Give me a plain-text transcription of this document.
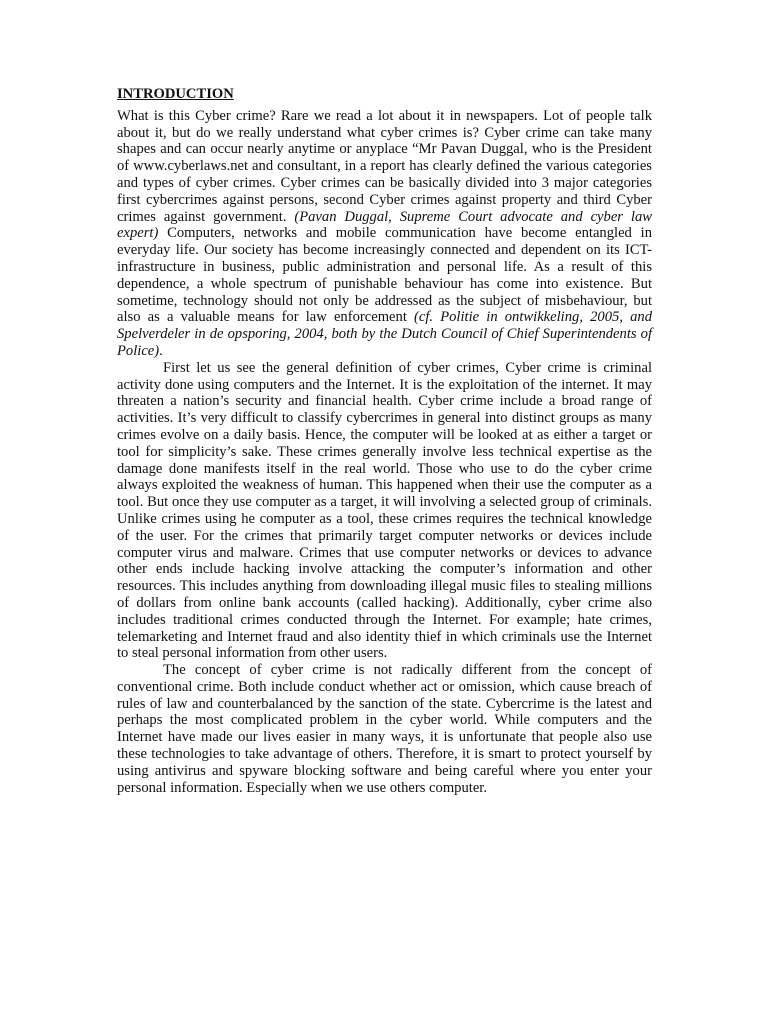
INTRODUCTION

What is this Cyber crime? Rare we read a lot about it in newspapers. Lot of people talk about it, but do we really understand what cyber crimes is? Cyber crime can take many shapes and can occur nearly anytime or anyplace “Mr Pavan Duggal, who is the President of www.cyberlaws.net and consultant, in a report has clearly defined the various categories and types of cyber crimes. Cyber crimes can be basically divided into 3 major categories first cybercrimes against persons, second Cyber crimes against property and third Cyber crimes against government. (Pavan Duggal, Supreme Court advocate and cyber law expert) Computers, networks and mobile communication have become entangled in everyday life. Our society has become increasingly connected and dependent on its ICT-infrastructure in business, public administration and personal life. As a result of this dependence, a whole spectrum of punishable behaviour has come into existence. But sometime, technology should not only be addressed as the subject of misbehaviour, but also as a valuable means for law enforcement (cf. Politie in ontwikkeling, 2005, and Spelverdeler in de opsporing, 2004, both by the Dutch Council of Chief Superintendents of Police).

First let us see the general definition of cyber crimes, Cyber crime is criminal activity done using computers and the Internet. It is the exploitation of the internet. It may threaten a nation’s security and financial health. Cyber crime include a broad range of activities. It’s very difficult to classify cybercrimes in general into distinct groups as many crimes evolve on a daily basis. Hence, the computer will be looked at as either a target or tool for simplicity’s sake. These crimes generally involve less technical expertise as the damage done manifests itself in the real world. Those who use to do the cyber crime always exploited the weakness of human. This happened when their use the computer as a tool. But once they use computer as a target, it will involving a selected group of criminals. Unlike crimes using he computer as a tool, these crimes requires the technical knowledge of the user. For the crimes that primarily target computer networks or devices include computer virus and malware. Crimes that use computer networks or devices to advance other ends include hacking involve attacking the computer’s information and other resources. This includes anything from downloading illegal music files to stealing millions of dollars from online bank accounts (called hacking). Additionally, cyber crime also includes traditional crimes conducted through the Internet. For example; hate crimes, telemarketing and Internet fraud and also identity thief in which criminals use the Internet to steal personal information from other users.

The concept of cyber crime is not radically different from the concept of conventional crime. Both include conduct whether act or omission, which cause breach of rules of law and counterbalanced by the sanction of the state. Cybercrime is the latest and perhaps the most complicated problem in the cyber world. While computers and the Internet have made our lives easier in many ways, it is unfortunate that people also use these technologies to take advantage of others. Therefore, it is smart to protect yourself by using antivirus and spyware blocking software and being careful where you enter your personal information. Especially when we use others computer.
